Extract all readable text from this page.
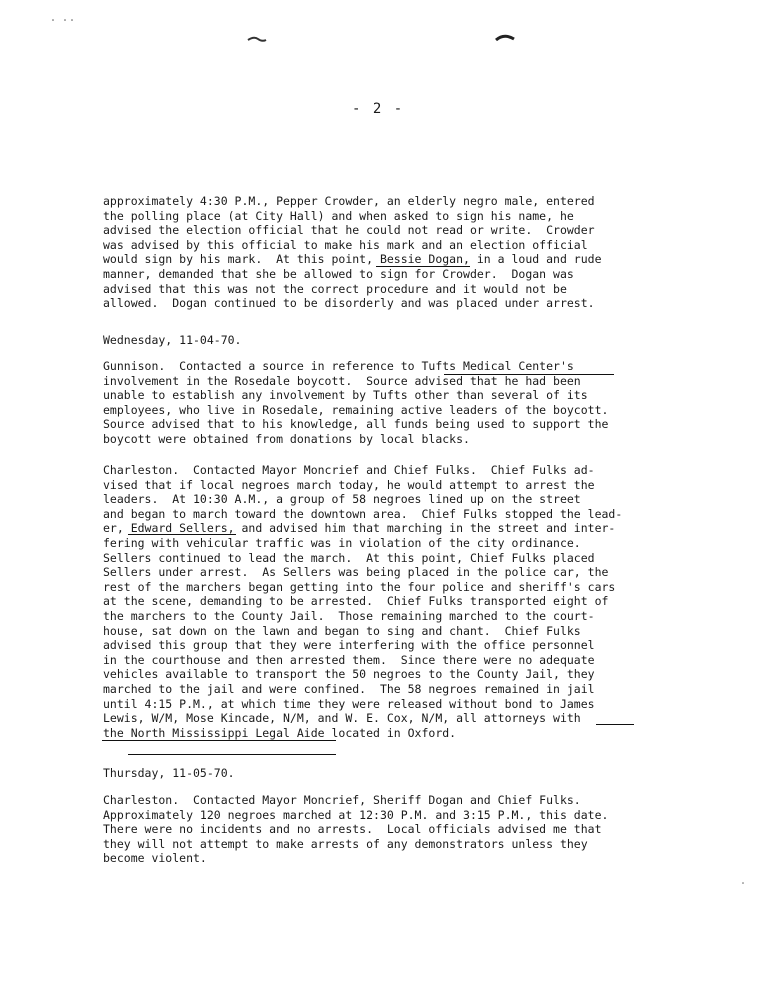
- 2 -
approximately 4:30 P.M., Pepper Crowder, an elderly negro male, entered
the polling place (at City Hall) and when asked to sign his name, he
advised the election official that he could not read or write.  Crowder
was advised by this official to make his mark and an election official
would sign by his mark.  At this point, Bessie Dogan, in a loud and rude
manner, demanded that she be allowed to sign for Crowder.  Dogan was
advised that this was not the correct procedure and it would not be
allowed.  Dogan continued to be disorderly and was placed under arrest.
Wednesday, 11-04-70.
Gunnison.  Contacted a source in reference to Tufts Medical Center's
involvement in the Rosedale boycott.  Source advised that he had been
unable to establish any involvement by Tufts other than several of its
employees, who live in Rosedale, remaining active leaders of the boycott.
Source advised that to his knowledge, all funds being used to support the
boycott were obtained from donations by local blacks.
Charleston.  Contacted Mayor Moncrief and Chief Fulks.  Chief Fulks ad-
vised that if local negroes march today, he would attempt to arrest the
leaders.  At 10:30 A.M., a group of 58 negroes lined up on the street
and began to march toward the downtown area.  Chief Fulks stopped the lead-
er, Edward Sellers, and advised him that marching in the street and inter-
fering with vehicular traffic was in violation of the city ordinance.
Sellers continued to lead the march.  At this point, Chief Fulks placed
Sellers under arrest.  As Sellers was being placed in the police car, the
rest of the marchers began getting into the four police and sheriff's cars
at the scene, demanding to be arrested.  Chief Fulks transported eight of
the marchers to the County Jail.  Those remaining marched to the court-
house, sat down on the lawn and began to sing and chant.  Chief Fulks
advised this group that they were interfering with the office personnel
in the courthouse and then arrested them.  Since there were no adequate
vehicles available to transport the 50 negroes to the County Jail, they
marched to the jail and were confined.  The 58 negroes remained in jail
until 4:15 P.M., at which time they were released without bond to James
Lewis, W/M, Mose Kincade, N/M, and W. E. Cox, N/M, all attorneys with
the North Mississippi Legal Aide located in Oxford.
Thursday, 11-05-70.
Charleston.  Contacted Mayor Moncrief, Sheriff Dogan and Chief Fulks.
Approximately 120 negroes marched at 12:30 P.M. and 3:15 P.M., this date.
There were no incidents and no arrests.  Local officials advised me that
they will not attempt to make arrests of any demonstrators unless they
become violent.
